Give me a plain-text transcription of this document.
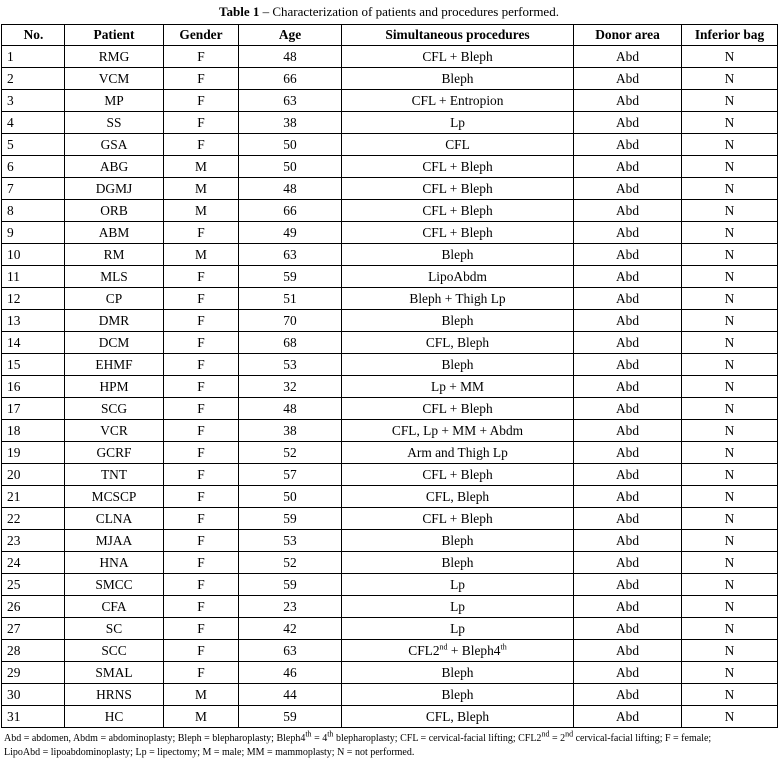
Table 1 – Characterization of patients and procedures performed.
No.	Patient	Gender	Age	Simultaneous procedures	Donor area	Inferior bag
1	RMG	F	48	CFL + Bleph	Abd	N
2	VCM	F	66	Bleph	Abd	N
3	MP	F	63	CFL + Entropion	Abd	N
4	SS	F	38	Lp	Abd	N
5	GSA	F	50	CFL	Abd	N
6	ABG	M	50	CFL + Bleph	Abd	N
7	DGMJ	M	48	CFL + Bleph	Abd	N
8	ORB	M	66	CFL + Bleph	Abd	N
9	ABM	F	49	CFL + Bleph	Abd	N
10	RM	M	63	Bleph	Abd	N
11	MLS	F	59	LipoAbdm	Abd	N
12	CP	F	51	Bleph + Thigh Lp	Abd	N
13	DMR	F	70	Bleph	Abd	N
14	DCM	F	68	CFL, Bleph	Abd	N
15	EHMF	F	53	Bleph	Abd	N
16	HPM	F	32	Lp + MM	Abd	N
17	SCG	F	48	CFL + Bleph	Abd	N
18	VCR	F	38	CFL, Lp + MM + Abdm	Abd	N
19	GCRF	F	52	Arm and Thigh Lp	Abd	N
20	TNT	F	57	CFL + Bleph	Abd	N
21	MCSCP	F	50	CFL, Bleph	Abd	N
22	CLNA	F	59	CFL + Bleph	Abd	N
23	MJAA	F	53	Bleph	Abd	N
24	HNA	F	52	Bleph	Abd	N
25	SMCC	F	59	Lp	Abd	N
26	CFA	F	23	Lp	Abd	N
27	SC	F	42	Lp	Abd	N
28	SCC	F	63	CFL2nd + Bleph4th	Abd	N
29	SMAL	F	46	Bleph	Abd	N
30	HRNS	M	44	Bleph	Abd	N
31	HC	M	59	CFL, Bleph	Abd	N
Abd = abdomen, Abdm = abdominoplasty; Bleph = blepharoplasty; Bleph4th = 4th blepharoplasty; CFL = cervical-facial lifting; CFL2nd = 2nd cervical-facial lifting; F = female;
LipoAbd = lipoabdominoplasty; Lp = lipectomy; M = male; MM = mammoplasty; N = not performed.
